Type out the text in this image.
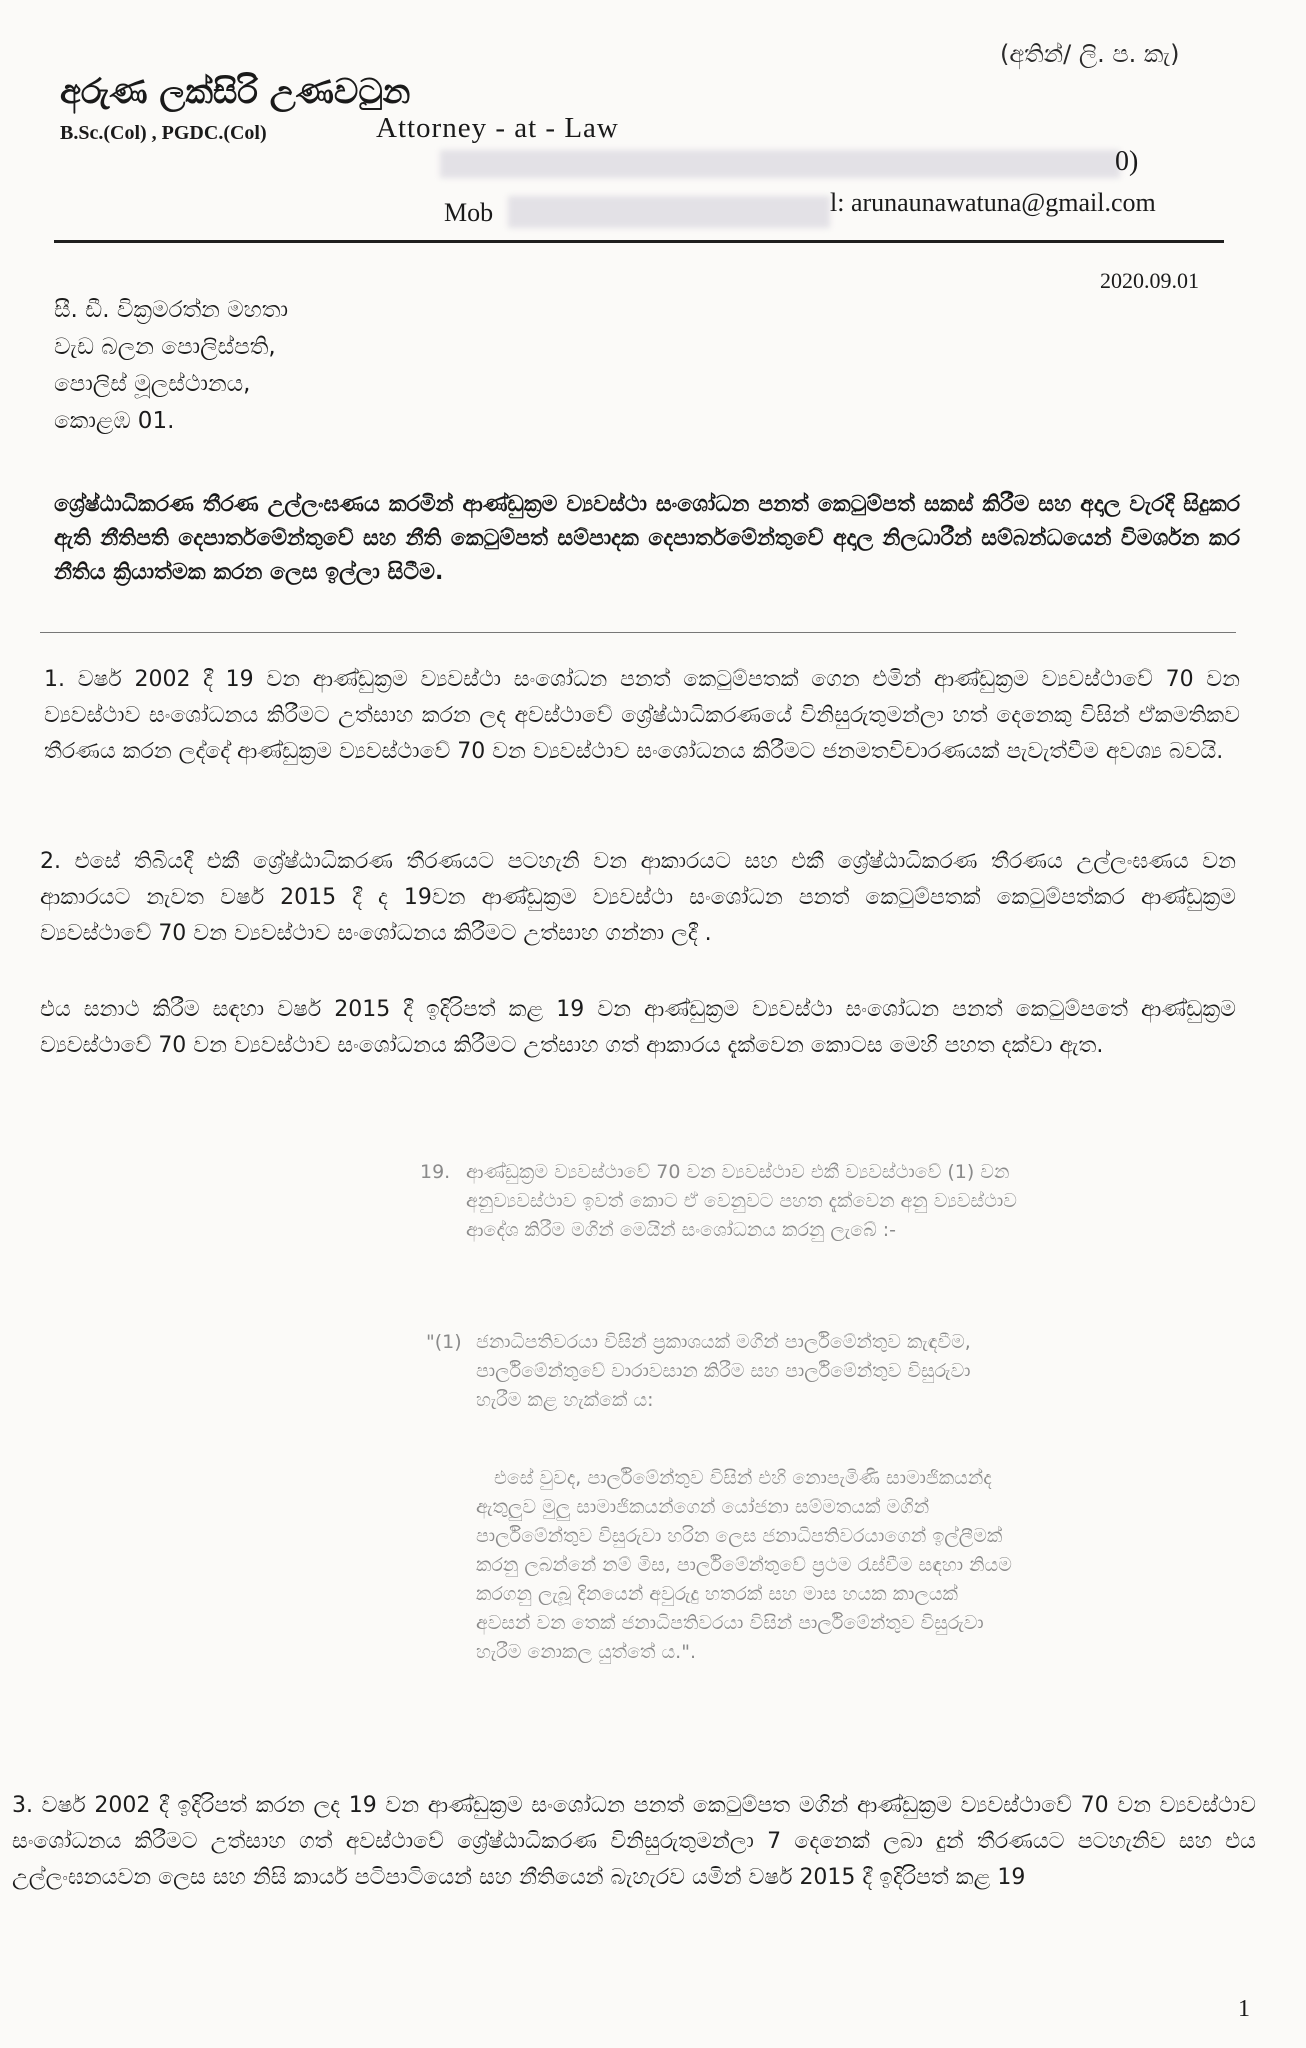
(අතින්/ ලි. ප. කැ)
අරුණ ලක්සිරි උණවටුන
B.Sc.(Col) , PGDC.(Col)	Attorney - at - Law
0)
Mob	l: arunaunawatuna@gmail.com
2020.09.01
සී. ඩී. වික්‍රමරත්න මහතා
වැඩ බලන පොලිස්පති,
පොලිස් මූලස්ථානය,
කොළඹ 01.
ශ්‍රේෂ්ඨාධිකරණ තීරණ උල්ලංඝණය කරමින් ආණ්ඩුක්‍රම ව්‍යවස්ථා සංශෝධන පනත් කෙටුම්පත් සකස් කිරීම සහ අදාල වැරදි සිදුකර ඇති නීතිපති දෙපාර්තමේන්තුවේ සහ නීති කෙටුම්පත් සම්පාදක දෙපාර්තමේන්තුවේ අදාල නිලධාරීන් සම්බන්ධයෙන් විමර්ශන කර නීතිය ක්‍රියාත්මක කරන ලෙස ඉල්ලා සිටීම.
1. වර්ෂ 2002 දී 19 වන ආණ්ඩුක්‍රම ව්‍යවස්ථා සංශෝධන පනත් කෙටුම්පතක් ගෙන එමින් ආණ්ඩුක්‍රම ව්‍යවස්ථාවේ 70 වන ව්‍යවස්ථාව සංශෝධනය කිරීමට උත්සාහ කරන ලද අවස්ථාවේ ශ්‍රේෂ්ඨාධිකරණයේ විනිසුරුතුමන්ලා හත් දෙනෙකු විසින් ඒකමතිකව තීරණය කරන ලද්දේ ආණ්ඩුක්‍රම ව්‍යවස්ථාවේ 70 වන ව්‍යවස්ථාව සංශෝධනය කිරීමට ජනමතවිචාරණයක් පැවැත්වීම අවශ්‍ය බවයි.
2. එසේ තිබියදී එකී ශ්‍රේෂ්ඨාධිකරණ තීරණයට පටහැනි වන ආකාරයට සහ එකී ශ්‍රේෂ්ඨාධිකරණ තීරණය උල්ලංඝණය වන ආකාරයට නැවත වර්ෂ 2015 දී ද 19වන ආණ්ඩුක්‍රම ව්‍යවස්ථා සංශෝධන පනත් කෙටුම්පතක් කෙටුම්පත්කර ආණ්ඩුක්‍රම ව්‍යවස්ථාවේ 70 වන ව්‍යවස්ථාව සංශෝධනය කිරීමට උත්සාහ ගන්නා ලදී .
එය සනාථ කිරීම සඳහා වර්ෂ 2015 දී ඉදිරිපත් කළ 19 වන ආණ්ඩුක්‍රම ව්‍යවස්ථා සංශෝධන පනත් කෙටුම්පතේ ආණ්ඩුක්‍රම ව්‍යවස්ථාවේ 70 වන ව්‍යවස්ථාව සංශෝධනය කිරීමට උත්සාහ ගත් ආකාරය දැක්වෙන කොටස මෙහි පහත දක්වා ඇත.
19. ආණ්ඩුක්‍රම ව්‍යවස්ථාවේ 70 වන ව්‍යවස්ථාව එකී ව්‍යවස්ථාවේ (1) වන අනුව්‍යවස්ථාව ඉවත් කොට ඒ වෙනුවට පහත දැක්වෙන අනු ව්‍යවස්ථාව ආදේශ කිරීම මගින් මෙයින් සංශෝධනය කරනු ලැබේ :-
"(1) ජනාධිපතිවරයා විසින් ප්‍රකාශයක් මගින් පාර්ලිමේන්තුව කැඳවීම, පාර්ලිමේන්තුවේ වාරාවසාන කිරීම සහ පාර්ලිමේන්තුව විසුරුවා හැරීම කළ හැක්කේ ය:
එසේ වුවද, පාර්ලිමේන්තුව විසින් එහි නොපැමිණි සාමාජිකයන්ද ඇතුලුව මුලු සාමාජිකයන්ගෙන් යෝජනා සම්මතයක් මගින් පාර්ලිමේන්තුව විසුරුවා හරින ලෙස ජනාධිපතිවරයාගෙන් ඉල්ලීමක් කරනු ලබන්නේ නම් මිස, පාර්ලිමේන්තුවේ ප්‍රථම රැස්වීම සඳහා නියම කරගනු ලැබූ දිනයෙන් අවුරුදු හතරක් සහ මාස හයක කාලයක් අවසන් වන තෙක් ජනාධිපතිවරයා විසින් පාර්ලිමේන්තුව විසුරුවා හැරීම නොකල යුත්තේ ය.".
3. වර්ෂ 2002 දී ඉදිරිපත් කරන ලද 19 වන ආණ්ඩුක්‍රම සංශෝධන පනත් කෙටුම්පත මගින් ආණ්ඩුක්‍රම ව්‍යවස්ථාවේ 70 වන ව්‍යවස්ථාව සංශෝධනය කිරීමට උත්සාහ ගත් අවස්ථාවේ ශ්‍රේෂ්ඨාධිකරණ විනිසුරුතුමන්ලා 7 දෙනෙක් ලබා දුන් තීරණයට පටහැනිව සහ එය උල්ලංඝනයවන ලෙස සහ නිසි කාර්ය පටිපාටියෙන් සහ නීතියෙන් බැහැරව යමින් වර්ෂ 2015 දී ඉදිරිපත් කළ 19
1
